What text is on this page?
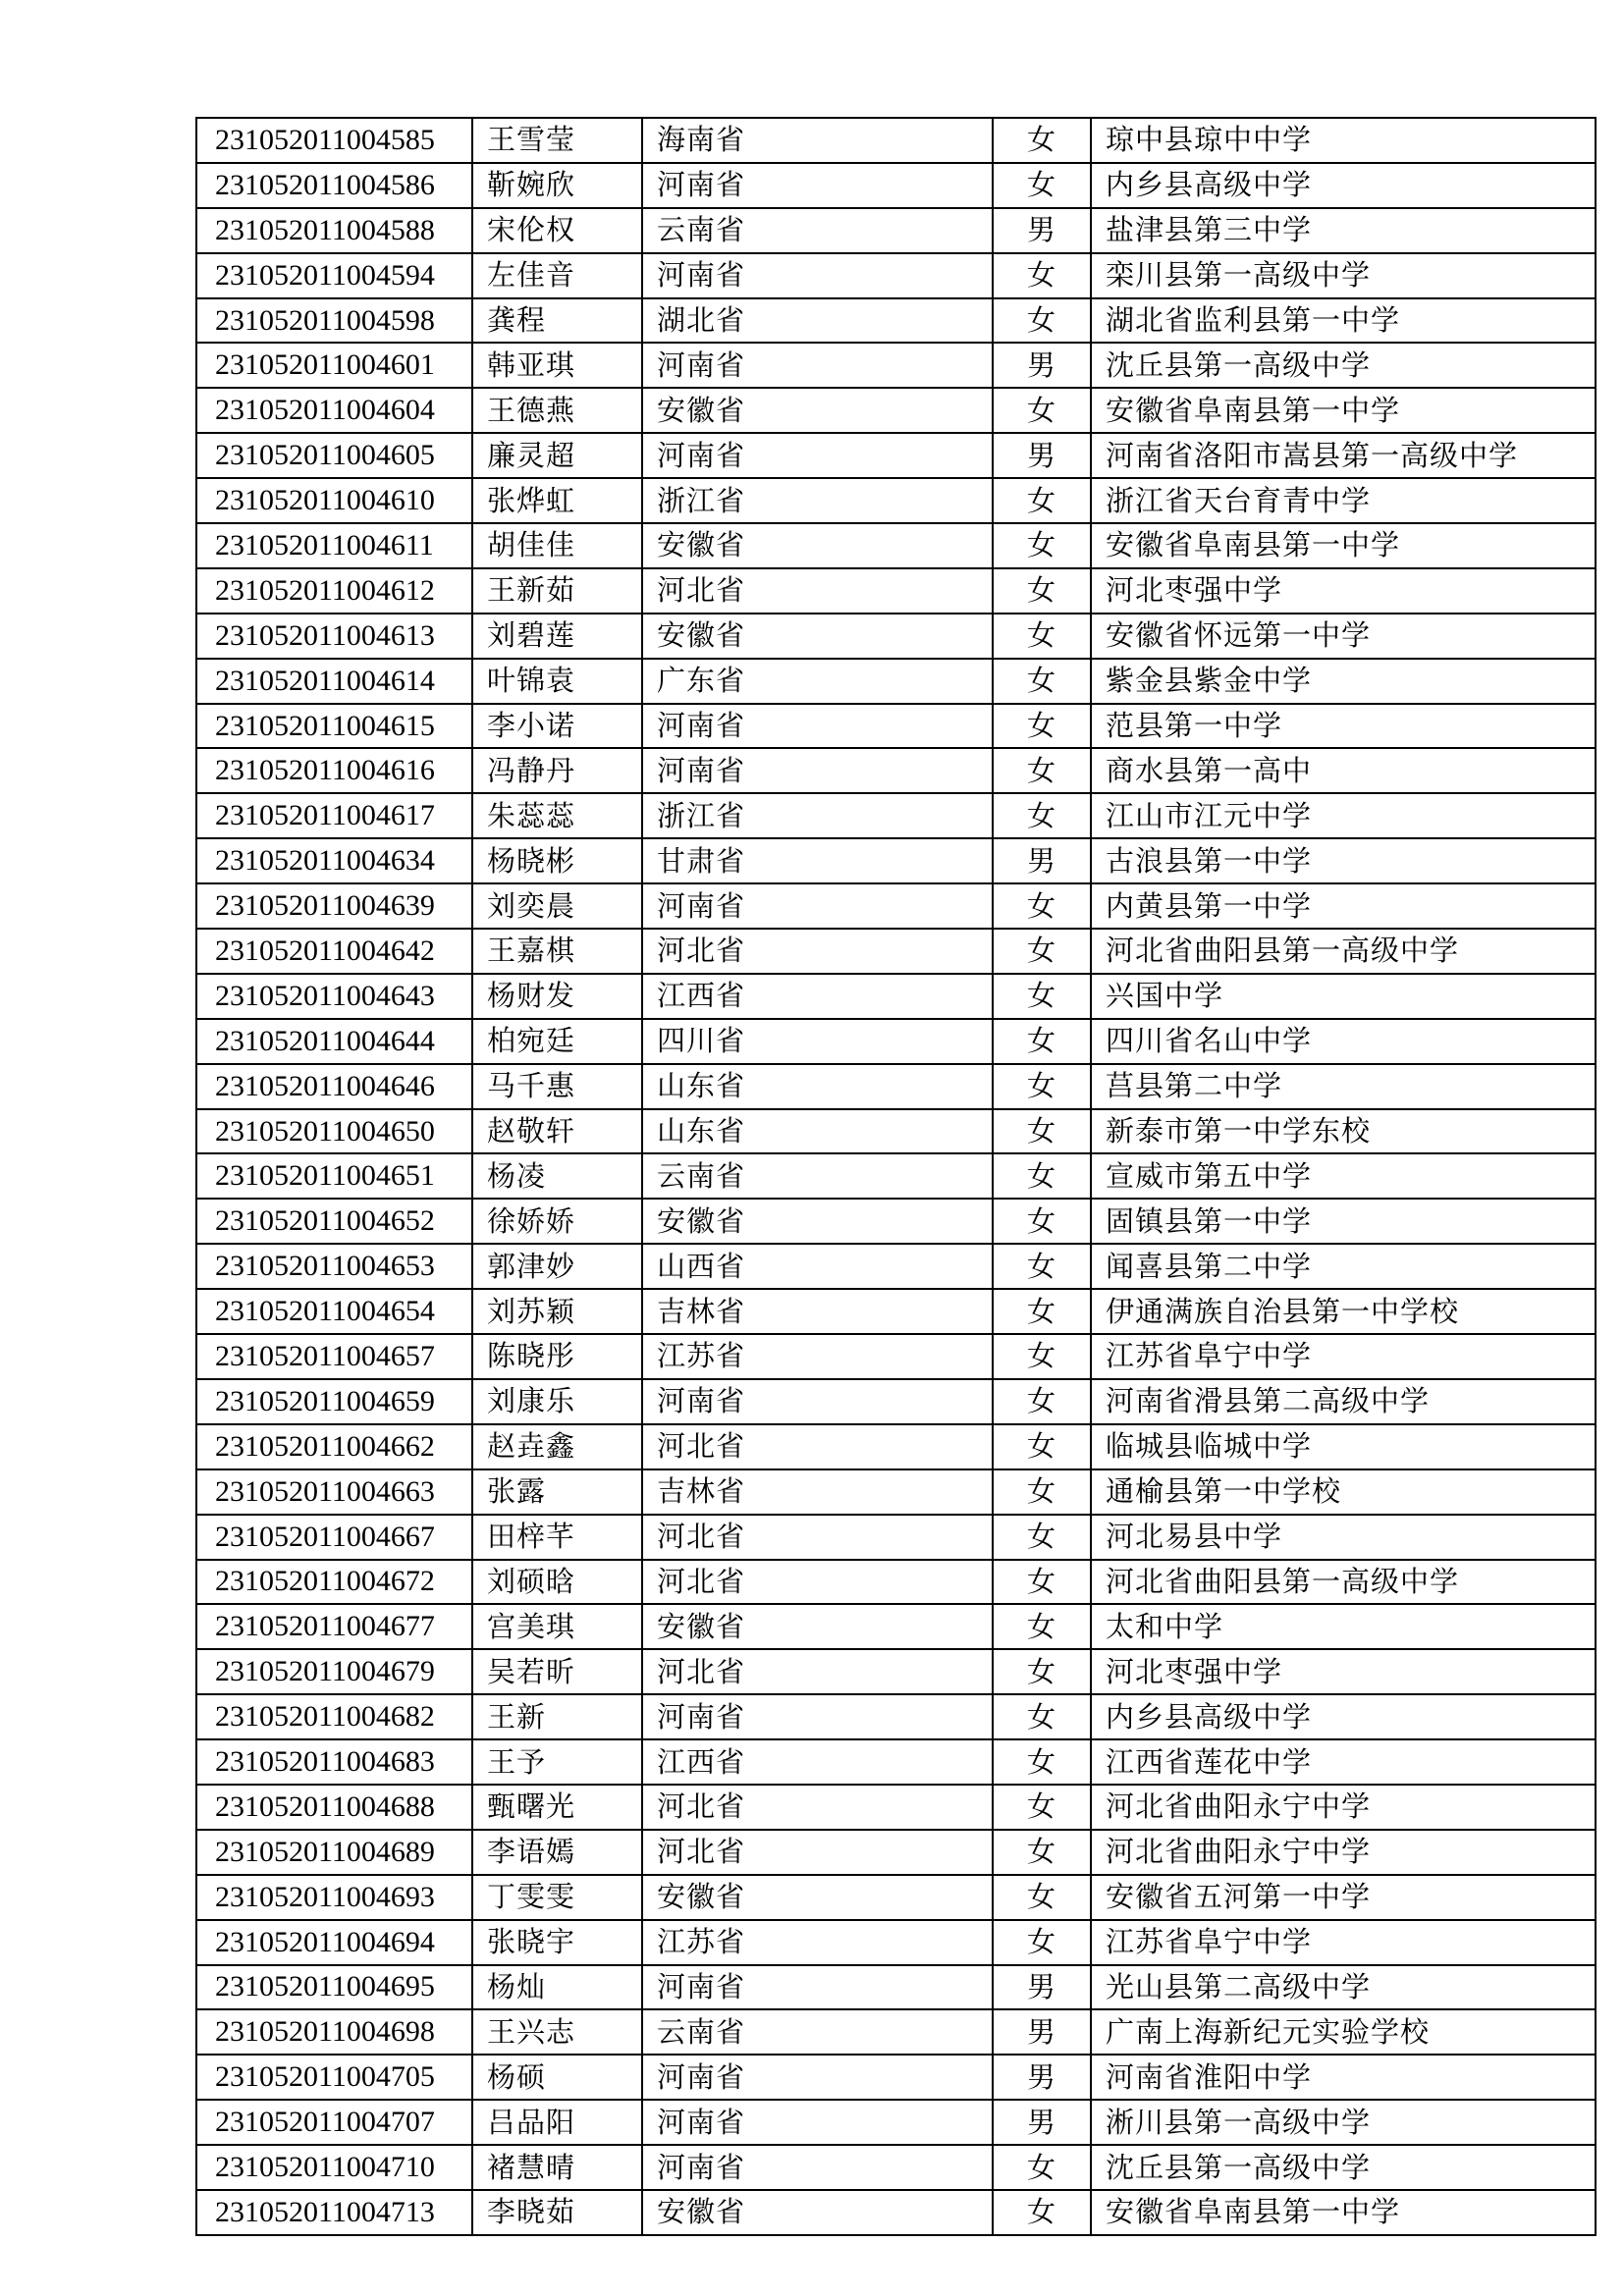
231052011004585	王雪莹	海南省	女	琼中县琼中中学
231052011004586	靳婉欣	河南省	女	内乡县高级中学
231052011004588	宋伦权	云南省	男	盐津县第三中学
231052011004594	左佳音	河南省	女	栾川县第一高级中学
231052011004598	龚程	湖北省	女	湖北省监利县第一中学
231052011004601	韩亚琪	河南省	男	沈丘县第一高级中学
231052011004604	王德燕	安徽省	女	安徽省阜南县第一中学
231052011004605	廉灵超	河南省	男	河南省洛阳市嵩县第一高级中学
231052011004610	张烨虹	浙江省	女	浙江省天台育青中学
231052011004611	胡佳佳	安徽省	女	安徽省阜南县第一中学
231052011004612	王新茹	河北省	女	河北枣强中学
231052011004613	刘碧莲	安徽省	女	安徽省怀远第一中学
231052011004614	叶锦袁	广东省	女	紫金县紫金中学
231052011004615	李小诺	河南省	女	范县第一中学
231052011004616	冯静丹	河南省	女	商水县第一高中
231052011004617	朱蕊蕊	浙江省	女	江山市江元中学
231052011004634	杨晓彬	甘肃省	男	古浪县第一中学
231052011004639	刘奕晨	河南省	女	内黄县第一中学
231052011004642	王嘉棋	河北省	女	河北省曲阳县第一高级中学
231052011004643	杨财发	江西省	女	兴国中学
231052011004644	柏宛廷	四川省	女	四川省名山中学
231052011004646	马千惠	山东省	女	莒县第二中学
231052011004650	赵敬轩	山东省	女	新泰市第一中学东校
231052011004651	杨凌	云南省	女	宣威市第五中学
231052011004652	徐娇娇	安徽省	女	固镇县第一中学
231052011004653	郭津妙	山西省	女	闻喜县第二中学
231052011004654	刘苏颖	吉林省	女	伊通满族自治县第一中学校
231052011004657	陈晓彤	江苏省	女	江苏省阜宁中学
231052011004659	刘康乐	河南省	女	河南省滑县第二高级中学
231052011004662	赵垚鑫	河北省	女	临城县临城中学
231052011004663	张露	吉林省	女	通榆县第一中学校
231052011004667	田梓芊	河北省	女	河北易县中学
231052011004672	刘硕晗	河北省	女	河北省曲阳县第一高级中学
231052011004677	宫美琪	安徽省	女	太和中学
231052011004679	吴若昕	河北省	女	河北枣强中学
231052011004682	王新	河南省	女	内乡县高级中学
231052011004683	王予	江西省	女	江西省莲花中学
231052011004688	甄曙光	河北省	女	河北省曲阳永宁中学
231052011004689	李语嫣	河北省	女	河北省曲阳永宁中学
231052011004693	丁雯雯	安徽省	女	安徽省五河第一中学
231052011004694	张晓宇	江苏省	女	江苏省阜宁中学
231052011004695	杨灿	河南省	男	光山县第二高级中学
231052011004698	王兴志	云南省	男	广南上海新纪元实验学校
231052011004705	杨硕	河南省	男	河南省淮阳中学
231052011004707	吕品阳	河南省	男	淅川县第一高级中学
231052011004710	褚慧晴	河南省	女	沈丘县第一高级中学
231052011004713	李晓茹	安徽省	女	安徽省阜南县第一中学
